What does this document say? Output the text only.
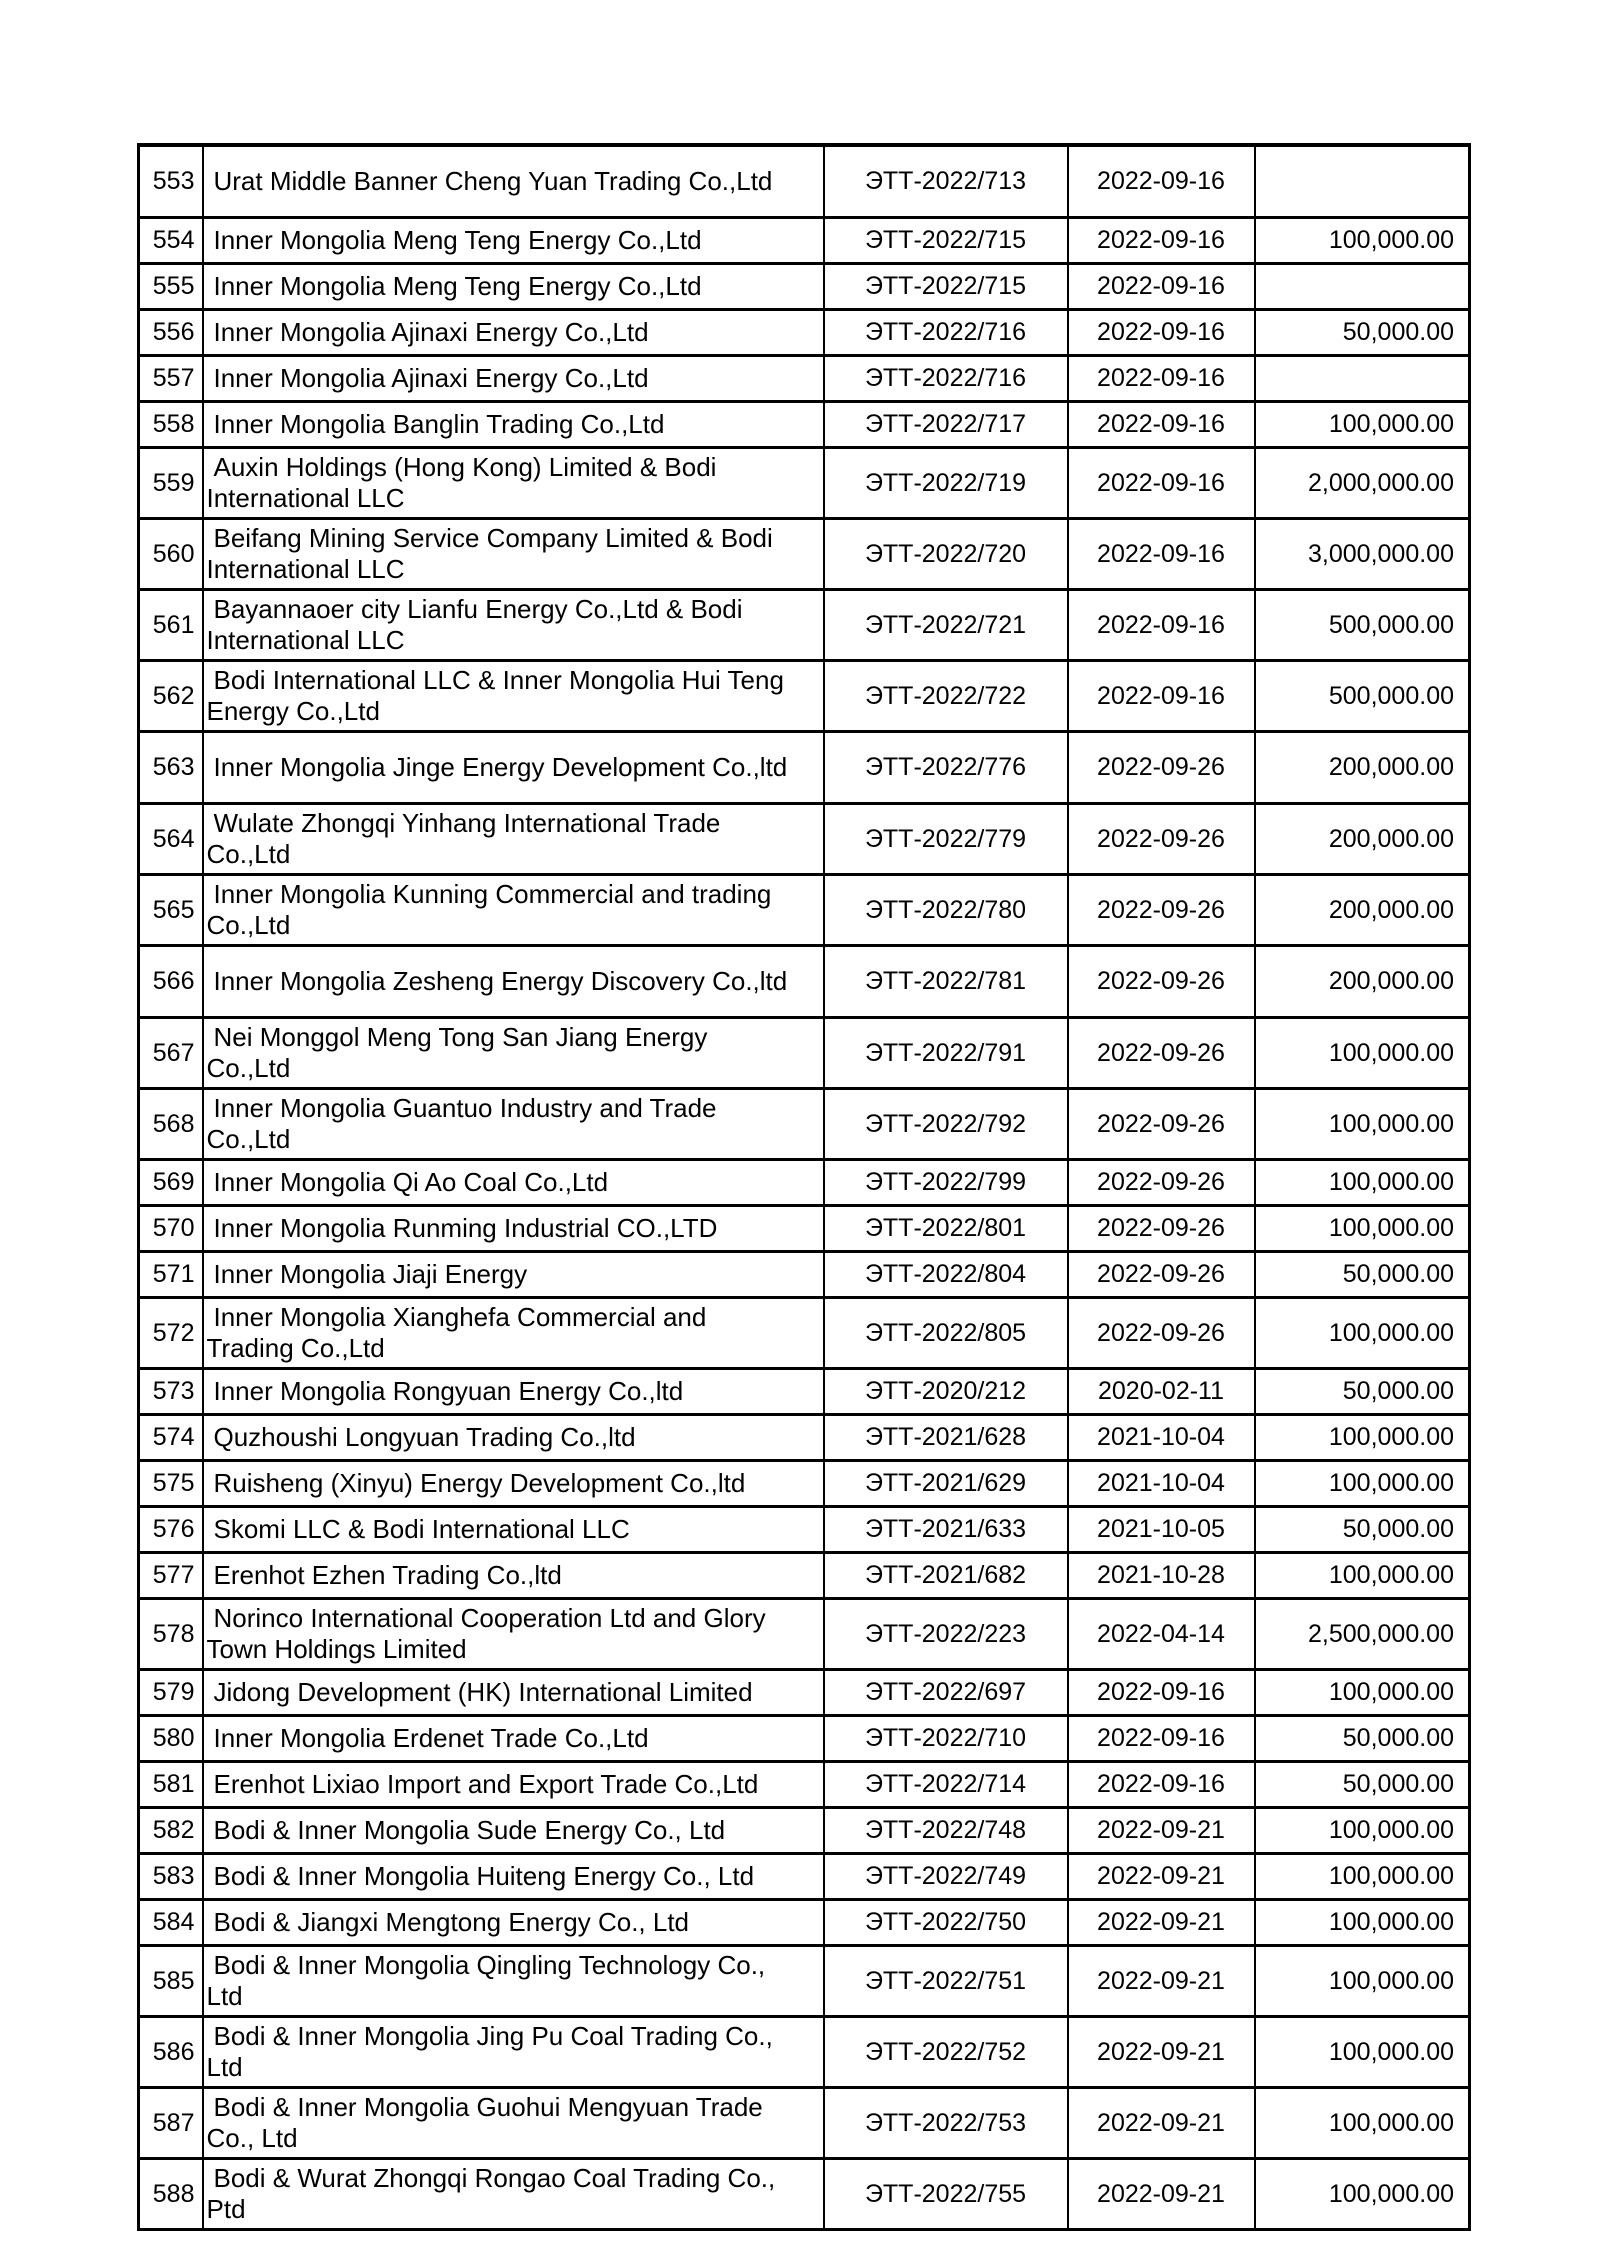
553	Urat Middle Banner Cheng Yuan Trading Co.,Ltd	ЭТТ-2022/713	2022-09-16	
554	Inner Mongolia Meng Teng Energy Co.,Ltd	ЭТТ-2022/715	2022-09-16	100,000.00
555	Inner Mongolia Meng Teng Energy Co.,Ltd	ЭТТ-2022/715	2022-09-16	
556	Inner Mongolia Ajinaxi Energy Co.,Ltd	ЭТТ-2022/716	2022-09-16	50,000.00
557	Inner Mongolia Ajinaxi Energy Co.,Ltd	ЭТТ-2022/716	2022-09-16	
558	Inner Mongolia Banglin Trading Co.,Ltd	ЭТТ-2022/717	2022-09-16	100,000.00
559	Auxin Holdings (Hong Kong) Limited & Bodi International LLC	ЭТТ-2022/719	2022-09-16	2,000,000.00
560	Beifang Mining Service Company Limited & Bodi International LLC	ЭТТ-2022/720	2022-09-16	3,000,000.00
561	Bayannaoer city Lianfu Energy Co.,Ltd & Bodi International LLC	ЭТТ-2022/721	2022-09-16	500,000.00
562	Bodi International LLC & Inner Mongolia Hui Teng Energy Co.,Ltd	ЭТТ-2022/722	2022-09-16	500,000.00
563	Inner Mongolia Jinge Energy Development Co.,ltd	ЭТТ-2022/776	2022-09-26	200,000.00
564	Wulate Zhongqi Yinhang International Trade Co.,Ltd	ЭТТ-2022/779	2022-09-26	200,000.00
565	Inner Mongolia Kunning Commercial and trading Co.,Ltd	ЭТТ-2022/780	2022-09-26	200,000.00
566	Inner Mongolia Zesheng Energy Discovery Co.,ltd	ЭТТ-2022/781	2022-09-26	200,000.00
567	Nei Monggol Meng Tong San Jiang Energy Co.,Ltd	ЭТТ-2022/791	2022-09-26	100,000.00
568	Inner Mongolia Guantuo Industry and Trade Co.,Ltd	ЭТТ-2022/792	2022-09-26	100,000.00
569	Inner Mongolia Qi Ao Coal Co.,Ltd	ЭТТ-2022/799	2022-09-26	100,000.00
570	Inner Mongolia Runming Industrial CO.,LTD	ЭТТ-2022/801	2022-09-26	100,000.00
571	Inner Mongolia Jiaji Energy	ЭТТ-2022/804	2022-09-26	50,000.00
572	Inner Mongolia Xianghefa Commercial and Trading Co.,Ltd	ЭТТ-2022/805	2022-09-26	100,000.00
573	Inner Mongolia Rongyuan Energy Co.,ltd	ЭТТ-2020/212	2020-02-11	50,000.00
574	Quzhoushi Longyuan Trading Co.,ltd	ЭТТ-2021/628	2021-10-04	100,000.00
575	Ruisheng (Xinyu) Energy Development Co.,ltd	ЭТТ-2021/629	2021-10-04	100,000.00
576	Skomi LLC & Bodi International LLC	ЭТТ-2021/633	2021-10-05	50,000.00
577	Erenhot Ezhen Trading Co.,ltd	ЭТТ-2021/682	2021-10-28	100,000.00
578	Norinco International Cooperation Ltd and Glory Town Holdings Limited	ЭТТ-2022/223	2022-04-14	2,500,000.00
579	Jidong Development (HK) International Limited	ЭТТ-2022/697	2022-09-16	100,000.00
580	Inner Mongolia Erdenet Trade Co.,Ltd	ЭТТ-2022/710	2022-09-16	50,000.00
581	Erenhot Lixiao Import and Export Trade Co.,Ltd	ЭТТ-2022/714	2022-09-16	50,000.00
582	Bodi & Inner Mongolia Sude Energy Co., Ltd	ЭТТ-2022/748	2022-09-21	100,000.00
583	Bodi & Inner Mongolia Huiteng Energy Co., Ltd	ЭТТ-2022/749	2022-09-21	100,000.00
584	Bodi & Jiangxi Mengtong Energy Co., Ltd	ЭТТ-2022/750	2022-09-21	100,000.00
585	Bodi & Inner Mongolia Qingling Technology Co., Ltd	ЭТТ-2022/751	2022-09-21	100,000.00
586	Bodi & Inner Mongolia Jing Pu Coal Trading Co., Ltd	ЭТТ-2022/752	2022-09-21	100,000.00
587	Bodi & Inner Mongolia Guohui Mengyuan Trade Co., Ltd	ЭТТ-2022/753	2022-09-21	100,000.00
588	Bodi & Wurat Zhongqi Rongao Coal Trading Co., Ptd	ЭТТ-2022/755	2022-09-21	100,000.00
